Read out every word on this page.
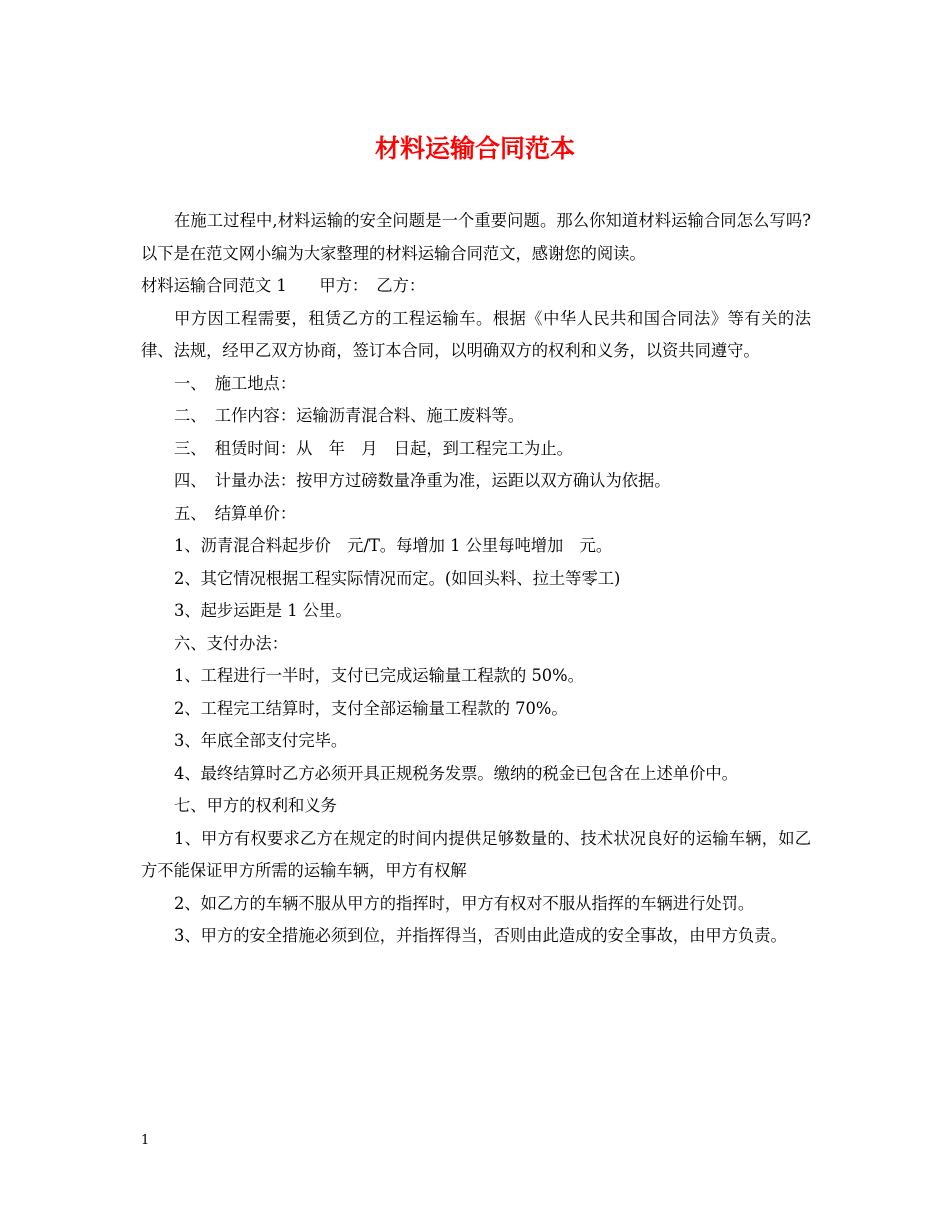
材料运输合同范本

在施工过程中,材料运输的安全问题是一个重要问题。那么你知道材料运输合同怎么写吗?以下是在范文网小编为大家整理的材料运输合同范文，感谢您的阅读。

材料运输合同范文 1　　甲方：　乙方：

甲方因工程需要，租赁乙方的工程运输车。根据《中华人民共和国合同法》等有关的法律、法规，经甲乙双方协商，签订本合同，以明确双方的权利和义务，以资共同遵守。

一、　施工地点：

二、　工作内容：运输沥青混合料、施工废料等。

三、　租赁时间：从　年　月　日起，到工程完工为止。

四、　计量办法：按甲方过磅数量净重为准，运距以双方确认为依据。

五、　结算单价：

1、沥青混合料起步价　元/T。每增加 1 公里每吨增加　元。

2、其它情况根据工程实际情况而定。(如回头料、拉土等零工)

3、起步运距是 1 公里。

六、支付办法：

1、工程进行一半时，支付已完成运输量工程款的 50%。

2、工程完工结算时，支付全部运输量工程款的 70%。

3、年底全部支付完毕。

4、最终结算时乙方必须开具正规税务发票。缴纳的税金已包含在上述单价中。

七、甲方的权利和义务

1、甲方有权要求乙方在规定的时间内提供足够数量的、技术状况良好的运输车辆，如乙方不能保证甲方所需的运输车辆，甲方有权解

2、如乙方的车辆不服从甲方的指挥时，甲方有权对不服从指挥的车辆进行处罚。

3、甲方的安全措施必须到位，并指挥得当，否则由此造成的安全事故，由甲方负责。

1
